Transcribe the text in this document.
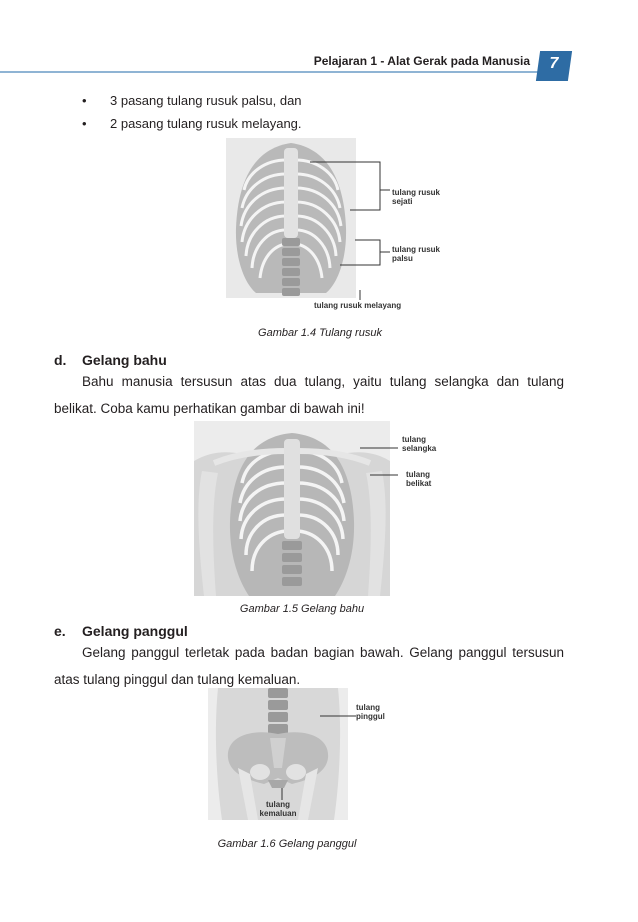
Pelajaran 1 - Alat Gerak pada Manusia	7
• 3 pasang tulang rusuk palsu, dan
• 2 pasang tulang rusuk melayang.
tulang rusuk
sejati
tulang rusuk
palsu
tulang rusuk melayang
Gambar 1.4 Tulang rusuk
d. Gelang bahu
Bahu manusia tersusun atas dua tulang, yaitu tulang selangka dan tulang belikat. Coba kamu perhatikan gambar di bawah ini!
tulang
selangka
tulang
belikat
Gambar 1.5 Gelang bahu
e. Gelang panggul
Gelang panggul terletak pada badan bagian bawah. Gelang panggul tersusun atas tulang pinggul dan tulang kemaluan.
tulang
pinggul
tulang
kemaluan
Gambar 1.6 Gelang panggul
